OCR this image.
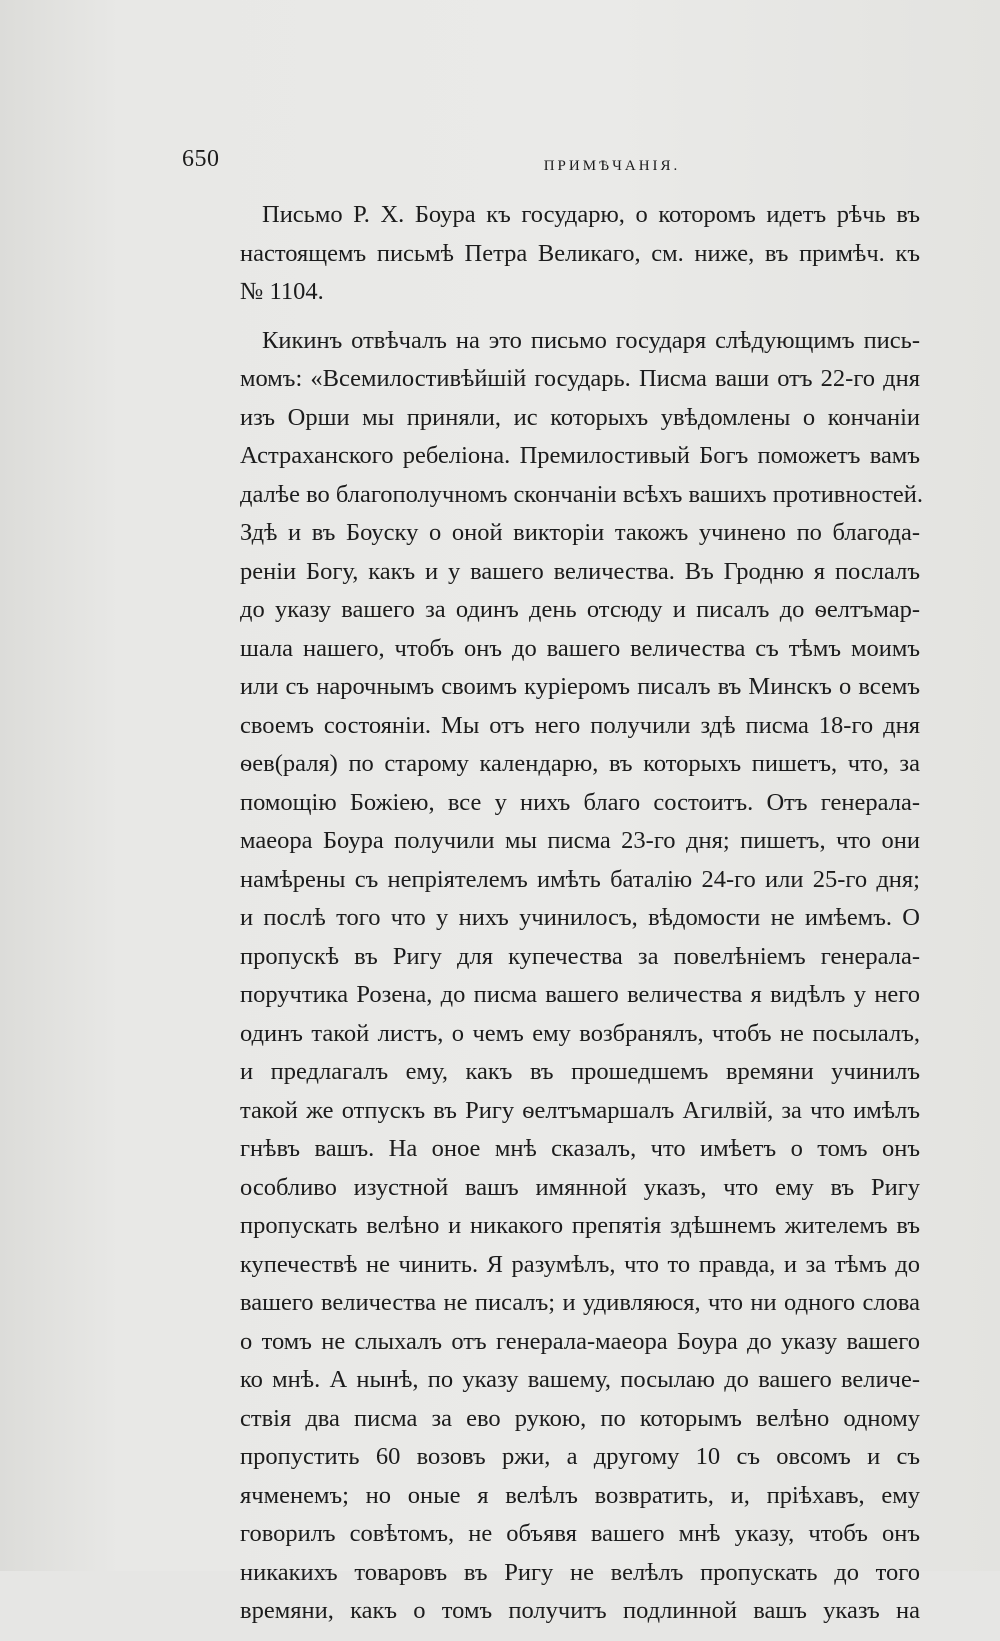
650	ПРИМѢЧАНІЯ.
Письмо Р. Х. Боура къ государю, о которомъ идетъ рѣчь въ
настоящемъ письмѣ Петра Великаго, см. ниже, въ примѣч. къ
№ 1104.
Кикинъ отвѣчалъ на это письмо государя слѣдующимъ пись-
момъ: «Всемилостивѣйшій государь. Писма ваши отъ 22-го дня
изъ Орши мы приняли, ис которыхъ увѣдомлены о кончаніи
Астраханского ребеліона. Премилостивый Богъ поможетъ вамъ
далѣе во благополучномъ скончаніи всѣхъ вашихъ противностей.
Здѣ и въ Боуску о оной викторіи такожъ учинено по благода-
реніи Богу, какъ и у вашего величества. Въ Гродню я послалъ
до указу вашего за одинъ день отсюду и писалъ до ѳелтъмар-
шала нашего, чтобъ онъ до вашего величества съ тѣмъ моимъ
или съ нарочнымъ своимъ куріеромъ писалъ въ Минскъ о всемъ
своемъ состояніи. Мы отъ него получили здѣ писма 18-го дня
ѳев(раля) по старому календарю, въ которыхъ пишетъ, что, за
помощію Божіею, все у нихъ благо состоитъ. Отъ генерала-
маеора Боура получили мы писма 23-го дня; пишетъ, что они
намѣрены съ непріятелемъ имѣть баталію 24-го или 25-го дня;
и послѣ того что у нихъ учинилосъ, вѣдомости не имѣемъ. О
пропускѣ въ Ригу для купечества за повелѣніемъ генерала-
поручтика Розена, до писма вашего величества я видѣлъ у него
одинъ такой листъ, о чемъ ему возбранялъ, чтобъ не посылалъ,
и предлагалъ ему, какъ въ прошедшемъ времяни учинилъ
такой же отпускъ въ Ригу ѳелтъмаршалъ Агилвій, за что имѣлъ
гнѣвъ вашъ. На оное мнѣ сказалъ, что имѣетъ о томъ онъ
особливо изустной вашъ имянной указъ, что ему въ Ригу
пропускать велѣно и никакого препятія здѣшнемъ жителемъ въ
купечествѣ не чинить. Я разумѣлъ, что то правда, и за тѣмъ до
вашего величества не писалъ; и удивляюся, что ни одного слова
о томъ не слыхалъ отъ генерала-маеора Боура до указу вашего
ко мнѣ. А нынѣ, по указу вашему, посылаю до вашего величе-
ствія два писма за ево рукою, по которымъ велѣно одному
пропустить 60 возовъ ржи, а другому 10 съ овсомъ и съ
ячменемъ; но оные я велѣлъ возвратить, и, пріѣхавъ, ему
говорилъ совѣтомъ, не объявя вашего мнѣ указу, чтобъ онъ
никакихъ товаровъ въ Ригу не велѣлъ пропускать до того
времяни, какъ о томъ получитъ подлинной вашъ указъ на
